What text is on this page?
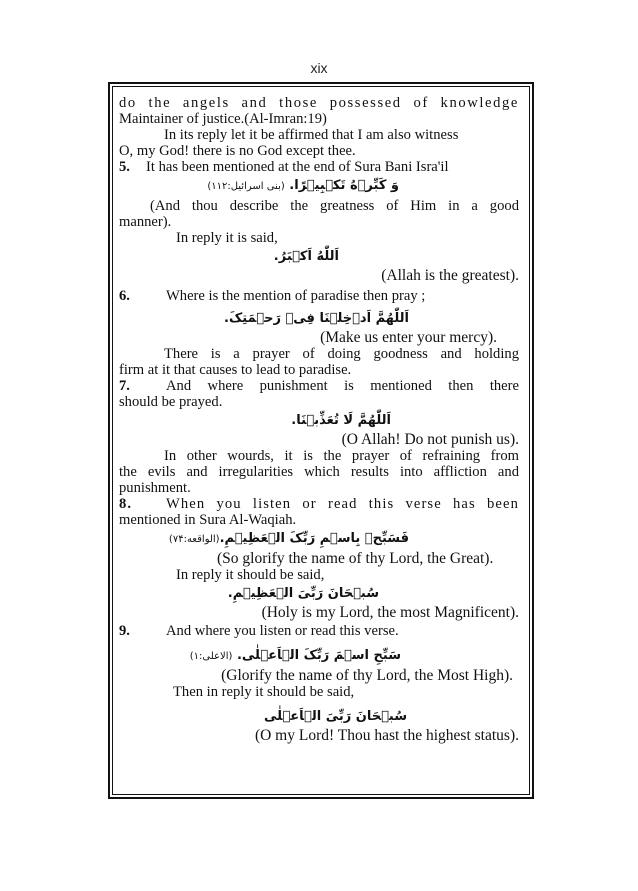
xix

do the angels and those possessed of knowledge

Maintainer of justice.(Al-Imran:19)

In its reply let it be affirmed that I am also witness

O, my God! there is no God except thee.

5. It has been mentioned at the end of Sura Bani Isra'il

وَ كَبِّرۡهُ تَكۡبِيۡرًا. (بنی اسرائیل:۱۱۲)

(And thou describe the greatness of Him in a good

manner).

In reply it is said,

اَللّٰهُ اَكۡبَرُ.

(Allah is the greatest).

6. Where is the mention of paradise then pray ;

اَللّٰهُمَّ اَدۡخِلۡنَا فِیۡ رَحۡمَتِکَ.

(Make us enter your mercy).

There is a prayer of doing goodness and holding

firm at it that causes to lead to paradise.

7. And where punishment is mentioned then there

should be prayed.

اَللّٰهُمَّ لَا تُعَذِّبۡنَا.

(O Allah! Do not punish us).

In other wourds, it is the prayer of refraining from

the evils and irregularities which results into affliction and

punishment.

8. When you listen or read this verse has been

mentioned in Sura Al-Waqiah.

فَسَبِّحۡ بِاسۡمِ رَبِّکَ الۡعَظِیۡمِ.(الواقعه:۷۴)

(So glorify the name of thy Lord, the Great).

In reply it should be said,

سُبۡحَانَ رَبِّیَ الۡعَظِیۡمِ.

(Holy is my Lord, the most Magnificent).

9. And where you listen or read this verse.

سَبِّحِ اسۡمَ رَبِّکَ الۡاَعۡلٰی. (الاعلی:۱)

(Glorify the name of thy Lord, the Most High).

Then in reply it should be said,

سُبۡحَانَ رَبِّیَ الۡاَعۡلٰی

(O my Lord! Thou hast the highest status).
